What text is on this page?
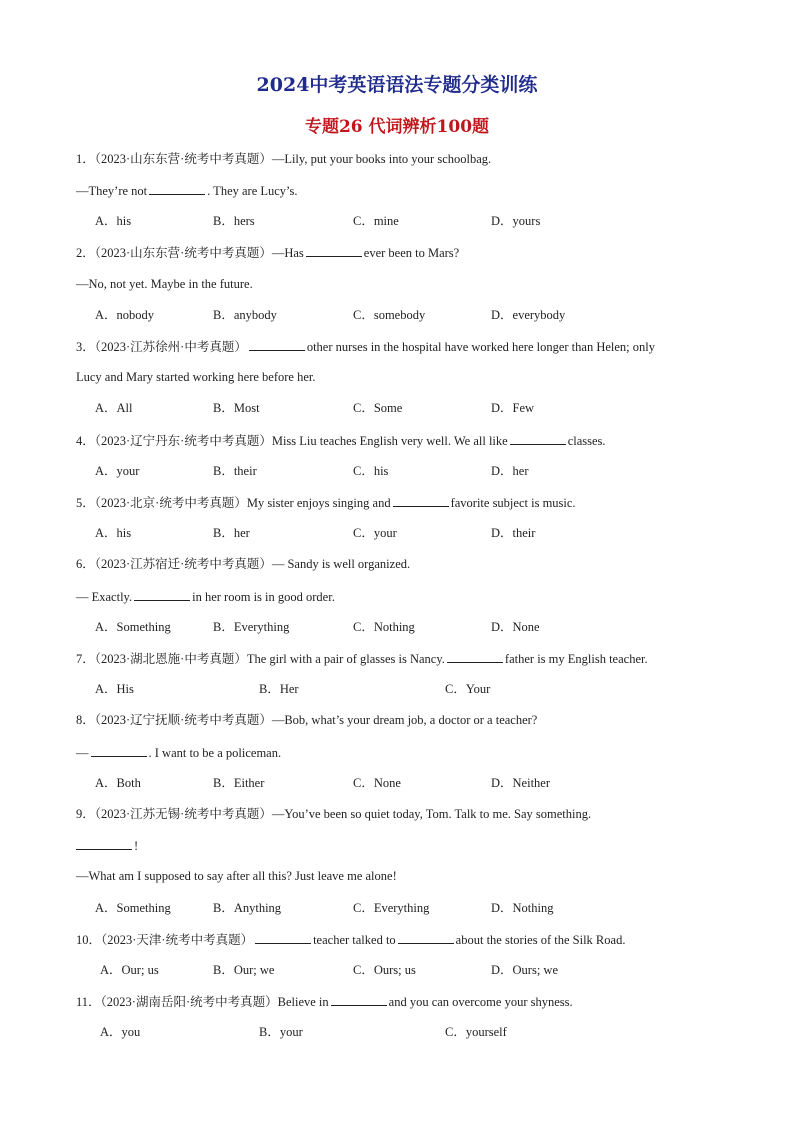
2024中考英语语法专题分类训练
专题26 代词辨析100题
1．（2023·山东东营·统考中考真题）—Lily, put your books into your schoolbag.
—They’re not	. They are Lucy’s.
A．his	B．hers	C．mine	D．yours
2．（2023·山东东营·统考中考真题）—Has	ever been to Mars?
—No, not yet. Maybe in the future.
A．nobody	B．anybody	C．somebody	D．everybody
3．（2023·江苏徐州·中考真题）	other nurses in the hospital have worked here longer than Helen; only
Lucy and Mary started working here before her.
A．All	B．Most	C．Some	D．Few
4．（2023·辽宁丹东·统考中考真题）Miss Liu teaches English very well. We all like	classes.
A．your	B．their	C．his	D．her
5．（2023·北京·统考中考真题）My sister enjoys singing and	favorite subject is music.
A．his	B．her	C．your	D．their
6．（2023·江苏宿迁·统考中考真题）— Sandy is well organized.
— Exactly.	in her room is in good order.
A．Something	B．Everything	C．Nothing	D．None
7．（2023·湖北恩施·中考真题）The girl with a pair of glasses is Nancy.	father is my English teacher.
A．His	B．Her	C．Your
8．（2023·辽宁抚顺·统考中考真题）—Bob, what’s your dream job, a doctor or a teacher?
—	. I want to be a policeman.
A．Both	B．Either	C．None	D．Neither
9．（2023·江苏无锡·统考中考真题）—You’ve been so quiet today, Tom. Talk to me. Say something.
!
—What am I supposed to say after all this? Just leave me alone!
A．Something	B．Anything	C．Everything	D．Nothing
10．（2023·天津·统考中考真题）	teacher talked to	about the stories of the Silk Road.
A．Our; us	B．Our; we	C．Ours; us	D．Ours; we
11．（2023·湖南岳阳·统考中考真题）Believe in	and you can overcome your shyness.
A．you	B．your	C．yourself
